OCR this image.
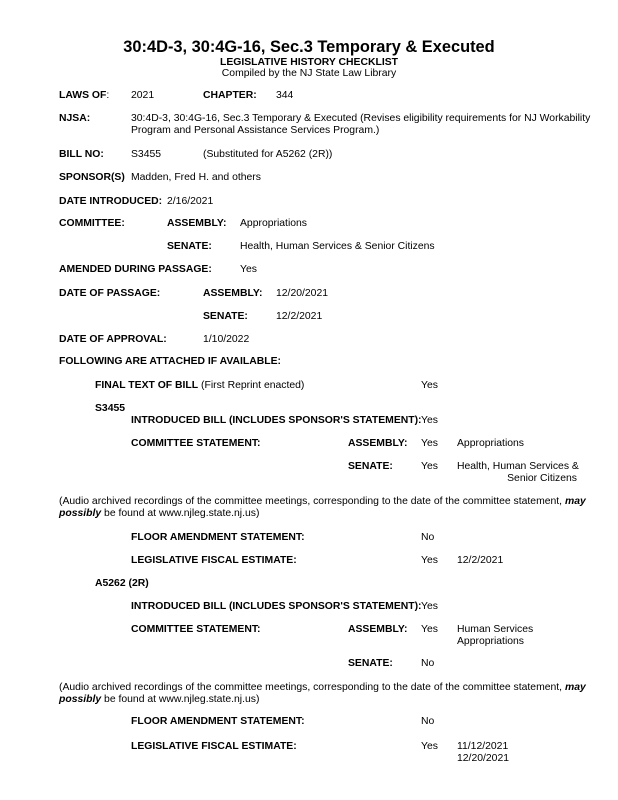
30:4D-3, 30:4G-16, Sec.3 Temporary & Executed
LEGISLATIVE HISTORY CHECKLIST
Compiled by the NJ State Law Library
LAWS OF: 2021	CHAPTER: 344
NJSA:	30:4D-3, 30:4G-16, Sec.3 Temporary & Executed (Revises eligibility requirements for NJ Workability
Program and Personal Assistance Services Program.)
BILL NO:	S3455	(Substituted for A5262 (2R))
SPONSOR(S) Madden, Fred H. and others
DATE INTRODUCED: 2/16/2021
COMMITTEE:	ASSEMBLY: Appropriations
SENATE:	Health, Human Services & Senior Citizens
AMENDED DURING PASSAGE:	Yes
DATE OF PASSAGE:	ASSEMBLY: 12/20/2021
SENATE:	12/2/2021
DATE OF APPROVAL:	1/10/2022
FOLLOWING ARE ATTACHED IF AVAILABLE:
FINAL TEXT OF BILL (First Reprint enacted)	Yes
S3455
INTRODUCED BILL (INCLUDES SPONSOR'S STATEMENT): Yes
COMMITTEE STATEMENT:	ASSEMBLY: Yes Appropriations
SENATE:	Yes Health, Human Services &
Senior Citizens
(Audio archived recordings of the committee meetings, corresponding to the date of the committee statement, may
possibly be found at www.njleg.state.nj.us)
FLOOR AMENDMENT STATEMENT:	No
LEGISLATIVE FISCAL ESTIMATE:	Yes 12/2/2021
A5262 (2R)
INTRODUCED BILL (INCLUDES SPONSOR'S STATEMENT): Yes
COMMITTEE STATEMENT:	ASSEMBLY: Yes Human Services
Appropriations
SENATE:	No
(Audio archived recordings of the committee meetings, corresponding to the date of the committee statement, may
possibly be found at www.njleg.state.nj.us)
FLOOR AMENDMENT STATEMENT:	No
LEGISLATIVE FISCAL ESTIMATE:	Yes 11/12/2021
12/20/2021
